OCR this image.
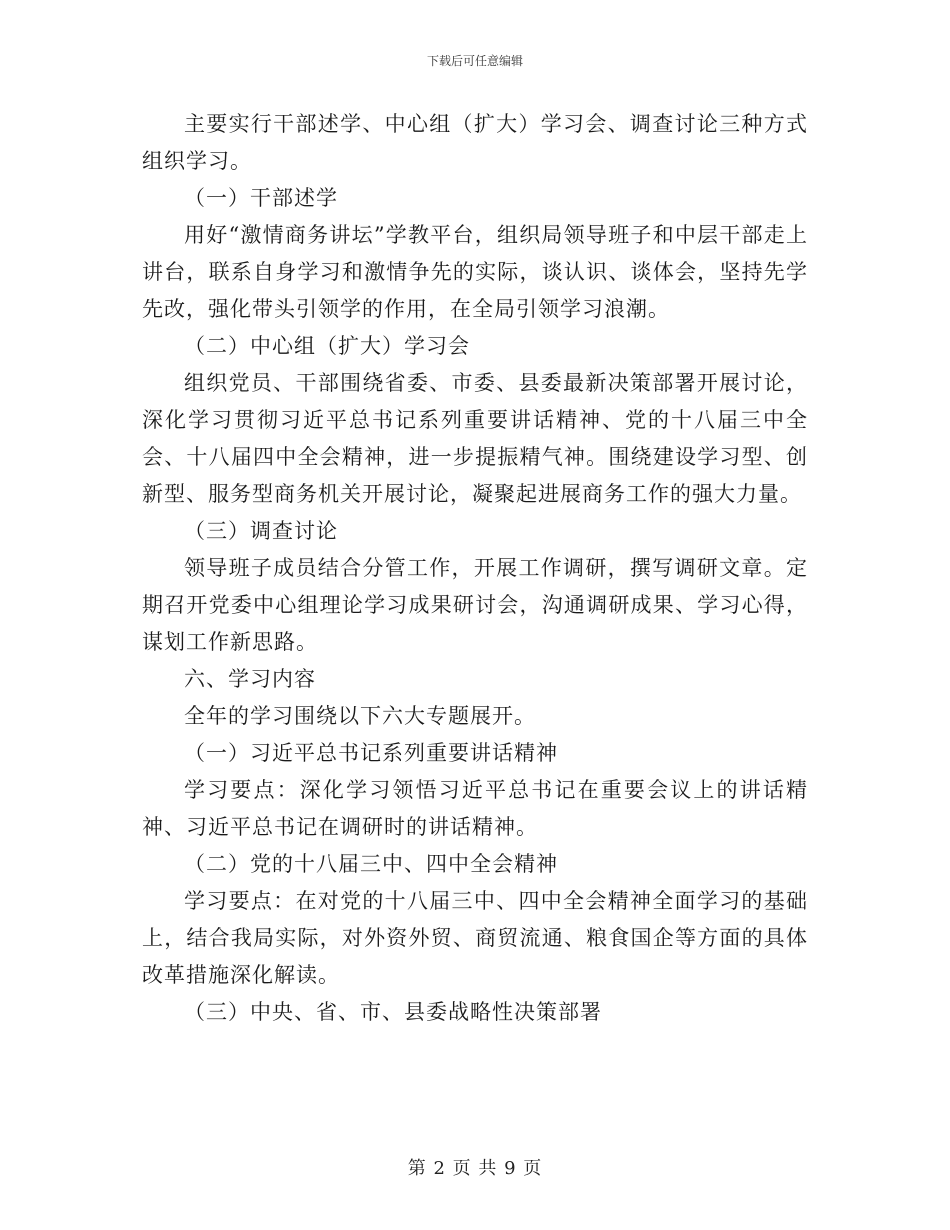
下载后可任意编辑

主要实行干部述学、中心组（扩大）学习会、调查讨论三种方式组织学习。

（一）干部述学

用好“激情商务讲坛”学教平台，组织局领导班子和中层干部走上讲台，联系自身学习和激情争先的实际，谈认识、谈体会，坚持先学先改，强化带头引领学的作用，在全局引领学习浪潮。

（二）中心组（扩大）学习会

组织党员、干部围绕省委、市委、县委最新决策部署开展讨论，深化学习贯彻习近平总书记系列重要讲话精神、党的十八届三中全会、十八届四中全会精神，进一步提振精气神。围绕建设学习型、创新型、服务型商务机关开展讨论，凝聚起进展商务工作的强大力量。

（三）调查讨论

领导班子成员结合分管工作，开展工作调研，撰写调研文章。定期召开党委中心组理论学习成果研讨会，沟通调研成果、学习心得，谋划工作新思路。

六、学习内容

全年的学习围绕以下六大专题展开。

（一）习近平总书记系列重要讲话精神

学习要点：深化学习领悟习近平总书记在重要会议上的讲话精神、习近平总书记在调研时的讲话精神。

（二）党的十八届三中、四中全会精神

学习要点：在对党的十八届三中、四中全会精神全面学习的基础上，结合我局实际，对外资外贸、商贸流通、粮食国企等方面的具体改革措施深化解读。

（三）中央、省、市、县委战略性决策部署

第 2 页 共 9 页
